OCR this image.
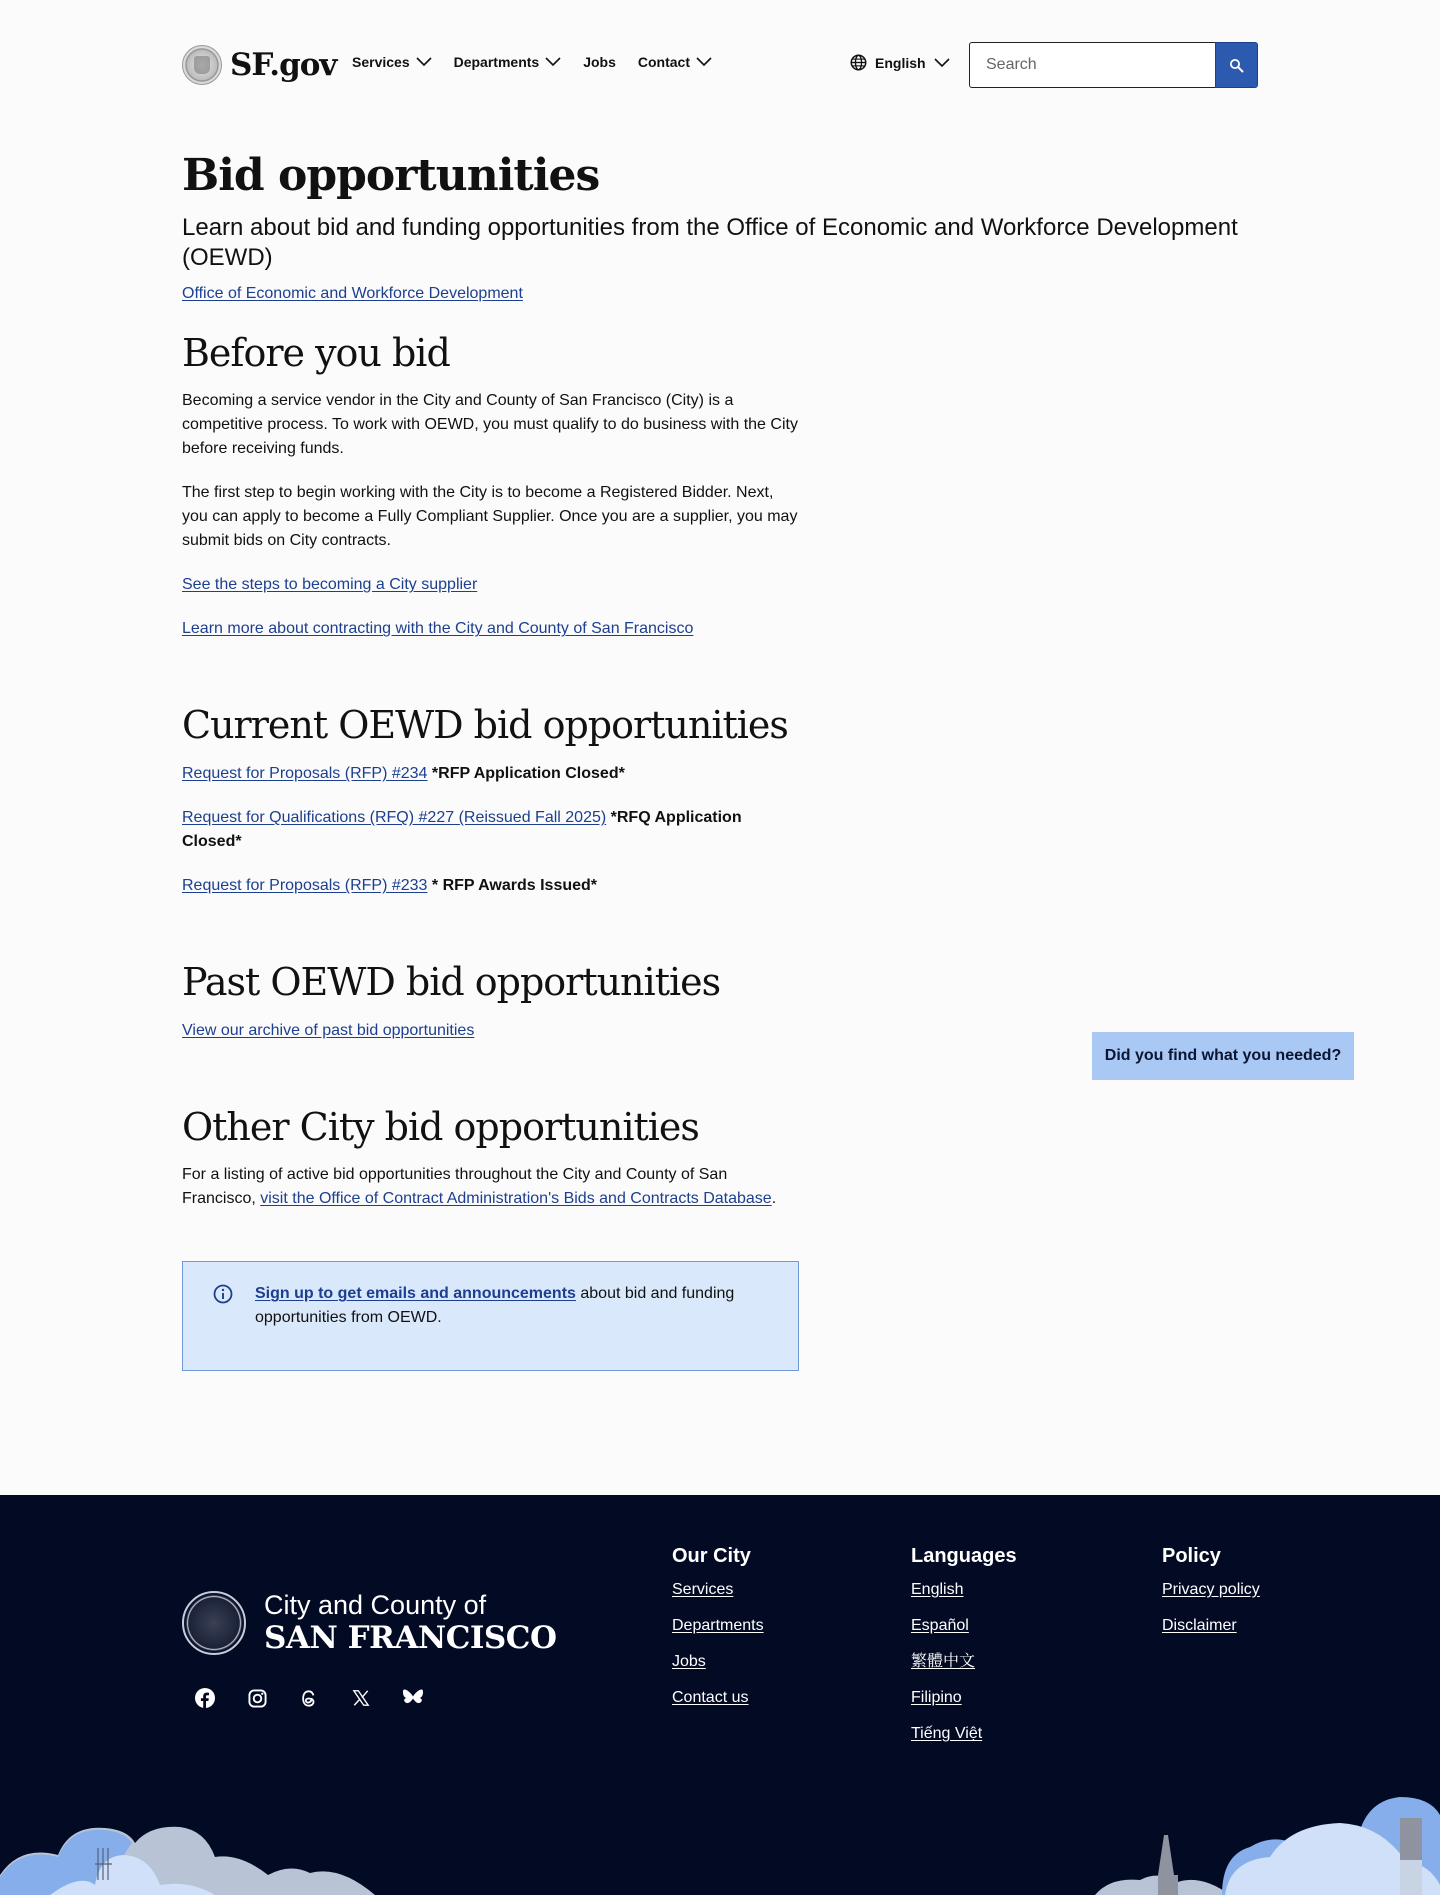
SF.gov Services	Departments	Jobs Contact	English
Search
Bid opportunities

Learn about bid and funding opportunities from the Office of Economic and Workforce Development (OEWD)

Office of Economic and Workforce Development
Before you bid

Becoming a service vendor in the City and County of San Francisco (City) is a competitive process. To work with OEWD, you must qualify to do business with the City before receiving funds.

The first step to begin working with the City is to become a Registered Bidder. Next, you can apply to become a Fully Compliant Supplier. Once you are a supplier, you may submit bids on City contracts.

See the steps to becoming a City supplier

Learn more about contracting with the City and County of San Francisco

Current OEWD bid opportunities

Request for Proposals (RFP) #234 *RFP Application Closed*

Request for Qualifications (RFQ) #227 (Reissued Fall 2025) *RFQ Application Closed*

Request for Proposals (RFP) #233 * RFP Awards Issued*

Past OEWD bid opportunities

View our archive of past bid opportunities

Other City bid opportunities

For a listing of active bid opportunities throughout the City and County of San Francisco, visit the Office of Contract Administration's Bids and Contracts Database.

Sign up to get emails and announcements about bid and funding opportunities from OEWD.
Did you find what you needed?
City and County of
SAN FRANCISCO
Our City
Services
Departments
Jobs
Contact us
Languages
English
Español
繁體中文
Filipino
Tiếng Việt
Policy
Privacy policy
Disclaimer
